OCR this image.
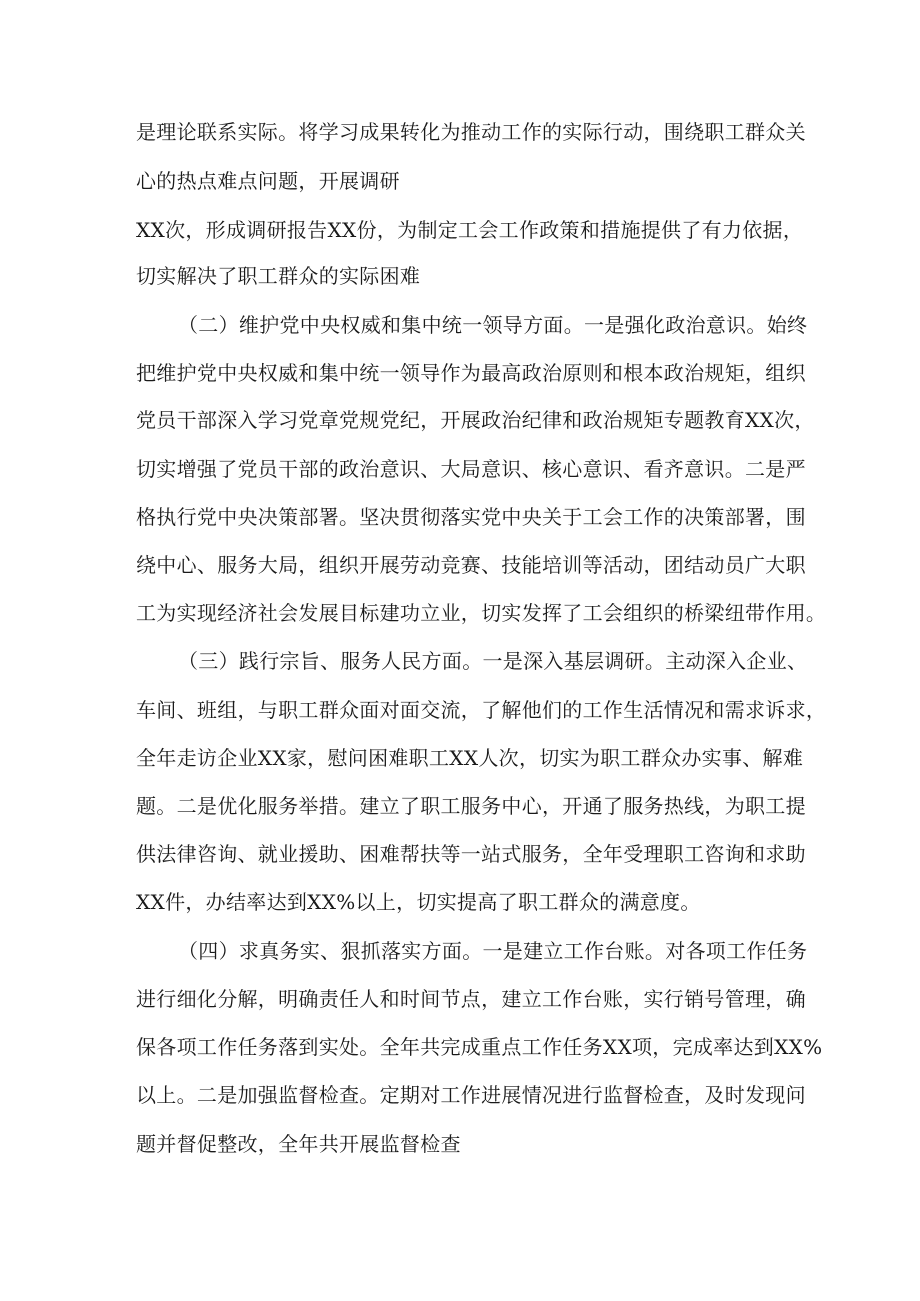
是理论联系实际。将学习成果转化为推动工作的实际行动，围绕职工群众关
心的热点难点问题，开展调研
XX次，形成调研报告XX份，为制定工会工作政策和措施提供了有力依据，
切实解决了职工群众的实际困难
（二）维护党中央权威和集中统一领导方面。一是强化政治意识。始终
把维护党中央权威和集中统一领导作为最高政治原则和根本政治规矩，组织
党员干部深入学习党章党规党纪，开展政治纪律和政治规矩专题教育XX次，
切实增强了党员干部的政治意识、大局意识、核心意识、看齐意识。二是严
格执行党中央决策部署。坚决贯彻落实党中央关于工会工作的决策部署，围
绕中心、服务大局，组织开展劳动竞赛、技能培训等活动，团结动员广大职
工为实现经济社会发展目标建功立业，切实发挥了工会组织的桥梁纽带作用。
（三）践行宗旨、服务人民方面。一是深入基层调研。主动深入企业、
车间、班组，与职工群众面对面交流，了解他们的工作生活情况和需求诉求，
全年走访企业XX家，慰问困难职工XX人次，切实为职工群众办实事、解难
题。二是优化服务举措。建立了职工服务中心，开通了服务热线，为职工提
供法律咨询、就业援助、困难帮扶等一站式服务，全年受理职工咨询和求助
XX件，办结率达到XX%以上，切实提高了职工群众的满意度。
（四）求真务实、狠抓落实方面。一是建立工作台账。对各项工作任务
进行细化分解，明确责任人和时间节点，建立工作台账，实行销号管理，确
保各项工作任务落到实处。全年共完成重点工作任务XX项，完成率达到XX%
以上。二是加强监督检查。定期对工作进展情况进行监督检查，及时发现问
题并督促整改，全年共开展监督检查
